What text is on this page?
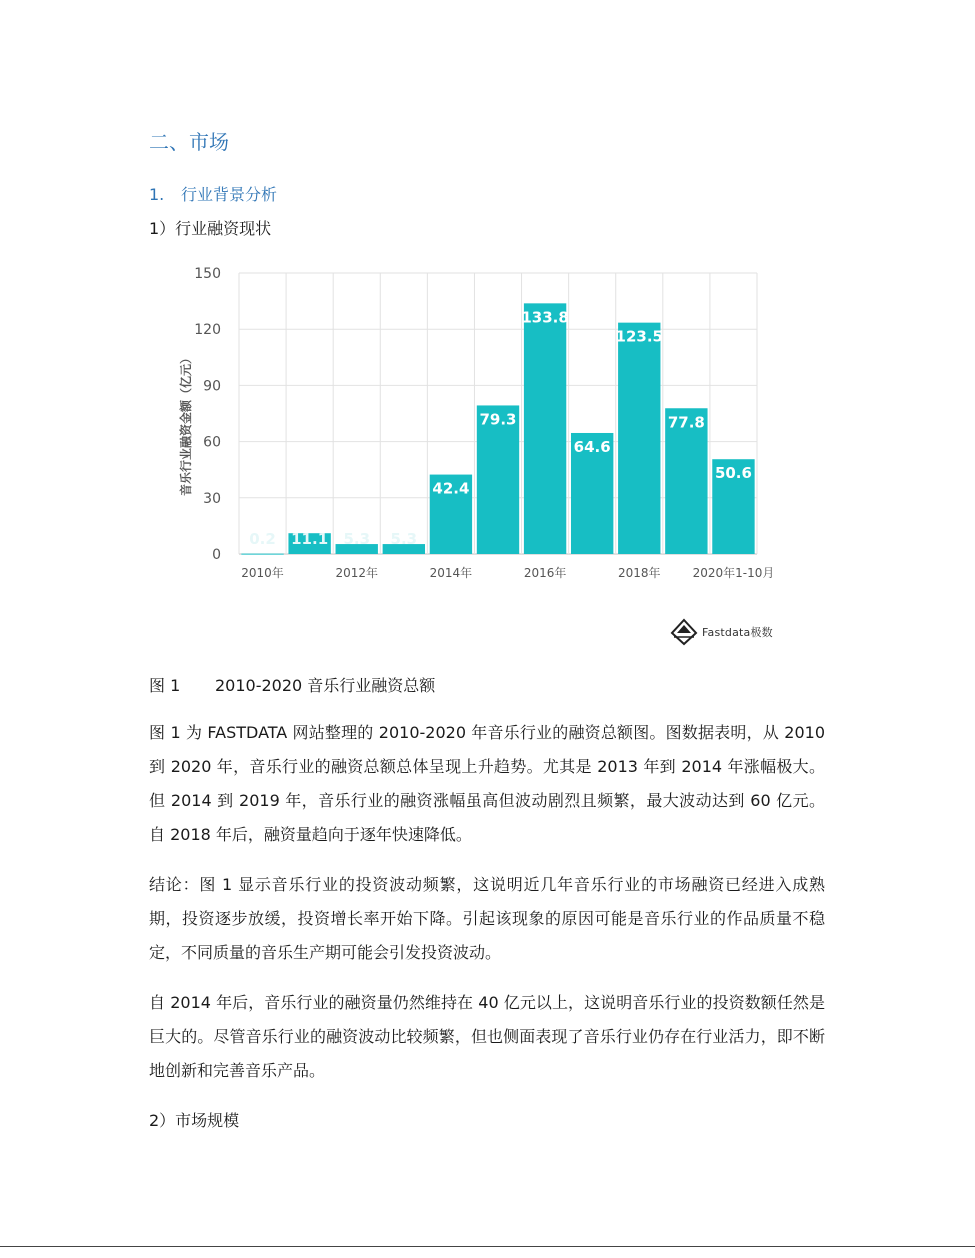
二、市场
1. 行业背景分析
1）行业融资现状
0
30
60
90
120
150
0.2
2010年
11.1 5.3
2012年
5.3
42.4
2014年
79.3
133.8
2016年
64.6
123.5
2018年
77.8
50.6
2020年1-10月
音乐行业融资金额（亿元）
Fastdata极数
图 1 2010-2020 音乐行业融资总额
图 1 为 FASTDATA 网站整理的 2010-2020 年音乐行业的融资总额图。图数据表明，从 2010 到 2020 年，音乐行业的融资总额总体呈现上升趋势。尤其是 2013 年到 2014 年涨幅极大。但 2014 到 2019 年，音乐行业的融资涨幅虽高但波动剧烈且频繁，最大波动达到 60 亿元。自 2018 年后，融资量趋向于逐年快速降低。
结论：图 1 显示音乐行业的投资波动频繁，这说明近几年音乐行业的市场融资已经进入成熟期，投资逐步放缓，投资增长率开始下降。引起该现象的原因可能是音乐行业的作品质量不稳定，不同质量的音乐生产期可能会引发投资波动。
自 2014 年后，音乐行业的融资量仍然维持在 40 亿元以上，这说明音乐行业的投资数额任然是巨大的。尽管音乐行业的融资波动比较频繁，但也侧面表现了音乐行业仍存在行业活力，即不断地创新和完善音乐产品。
2）市场规模
